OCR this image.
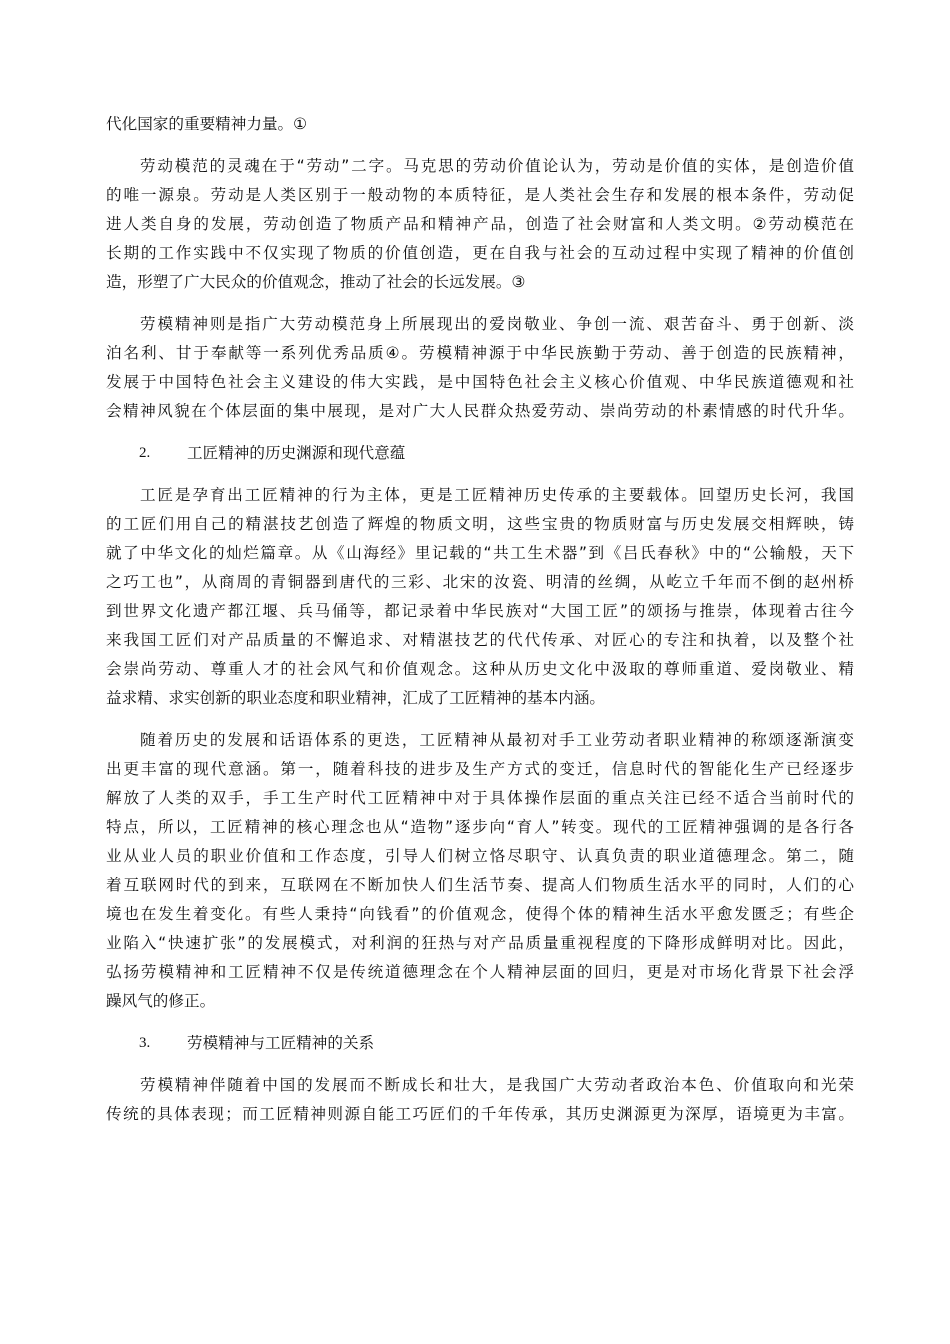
代化国家的重要精神力量。①
劳动模范的灵魂在于“劳动”二字。马克思的劳动价值论认为，劳动是价值的实体，是创造价值
的唯一源泉。劳动是人类区别于一般动物的本质特征，是人类社会生存和发展的根本条件，劳动促
进人类自身的发展，劳动创造了物质产品和精神产品，创造了社会财富和人类文明。②劳动模范在
长期的工作实践中不仅实现了物质的价值创造，更在自我与社会的互动过程中实现了精神的价值创
造，形塑了广大民众的价值观念，推动了社会的长远发展。③
劳模精神则是指广大劳动模范身上所展现出的爱岗敬业、争创一流、艰苦奋斗、勇于创新、淡
泊名利、甘于奉献等一系列优秀品质④。劳模精神源于中华民族勤于劳动、善于创造的民族精神，
发展于中国特色社会主义建设的伟大实践，是中国特色社会主义核心价值观、中华民族道德观和社
会精神风貌在个体层面的集中展现，是对广大人民群众热爱劳动、崇尚劳动的朴素情感的时代升华。
2. 工匠精神的历史渊源和现代意蕴
工匠是孕育出工匠精神的行为主体，更是工匠精神历史传承的主要载体。回望历史长河，我国
的工匠们用自己的精湛技艺创造了辉煌的物质文明，这些宝贵的物质财富与历史发展交相辉映，铸
就了中华文化的灿烂篇章。从《山海经》里记载的“共工生术器”到《吕氏春秋》中的“公输般，天下
之巧工也”，从商周的青铜器到唐代的三彩、北宋的汝瓷、明清的丝绸，从屹立千年而不倒的赵州桥
到世界文化遗产都江堰、兵马俑等，都记录着中华民族对“大国工匠”的颂扬与推崇，体现着古往今
来我国工匠们对产品质量的不懈追求、对精湛技艺的代代传承、对匠心的专注和执着，以及整个社
会崇尚劳动、尊重人才的社会风气和价值观念。这种从历史文化中汲取的尊师重道、爱岗敬业、精
益求精、求实创新的职业态度和职业精神，汇成了工匠精神的基本内涵。
随着历史的发展和话语体系的更迭，工匠精神从最初对手工业劳动者职业精神的称颂逐渐演变
出更丰富的现代意涵。第一，随着科技的进步及生产方式的变迁，信息时代的智能化生产已经逐步
解放了人类的双手，手工生产时代工匠精神中对于具体操作层面的重点关注已经不适合当前时代的
特点，所以，工匠精神的核心理念也从“造物”逐步向“育人”转变。现代的工匠精神强调的是各行各
业从业人员的职业价值和工作态度，引导人们树立恪尽职守、认真负责的职业道德理念。第二，随
着互联网时代的到来，互联网在不断加快人们生活节奏、提高人们物质生活水平的同时，人们的心
境也在发生着变化。有些人秉持“向钱看”的价值观念，使得个体的精神生活水平愈发匮乏；有些企
业陷入“快速扩张”的发展模式，对利润的狂热与对产品质量重视程度的下降形成鲜明对比。因此，
弘扬劳模精神和工匠精神不仅是传统道德理念在个人精神层面的回归，更是对市场化背景下社会浮
躁风气的修正。
3. 劳模精神与工匠精神的关系
劳模精神伴随着中国的发展而不断成长和壮大，是我国广大劳动者政治本色、价值取向和光荣
传统的具体表现；而工匠精神则源自能工巧匠们的千年传承，其历史渊源更为深厚，语境更为丰富。
